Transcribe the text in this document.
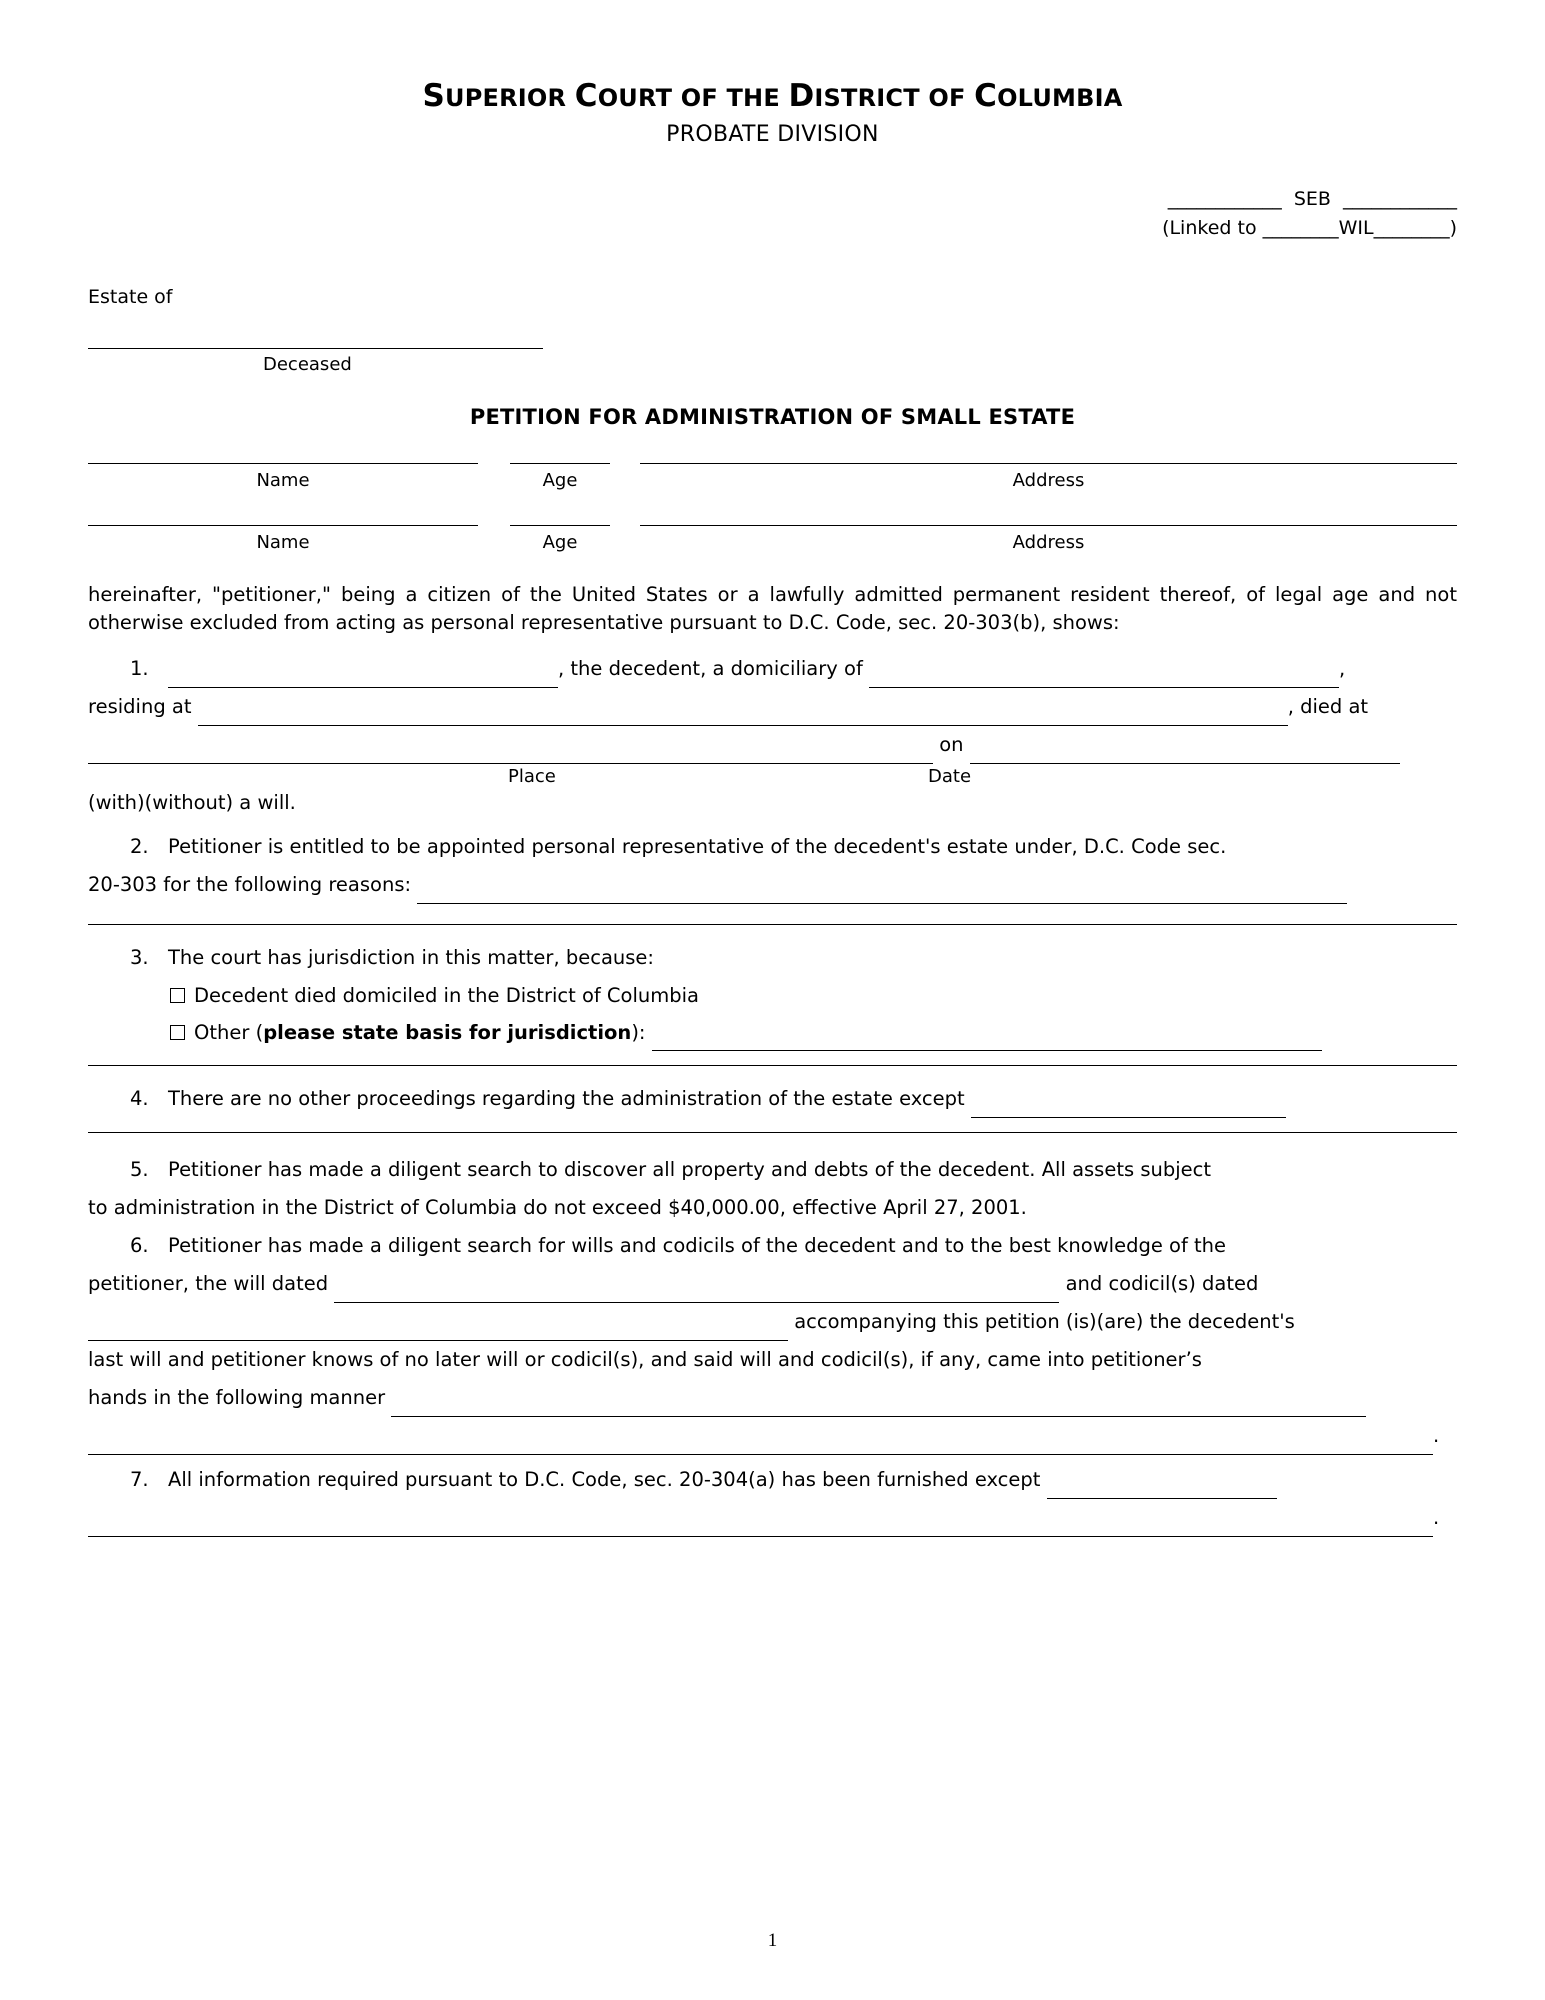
SUPERIOR COURT OF THE DISTRICT OF COLUMBIA
PROBATE DIVISION
____________  SEB  ____________
(Linked to ________WIL________)
Estate of
Deceased
PETITION FOR ADMINISTRATION OF SMALL ESTATE
Name	Age	Address
Name	Age	Address
hereinafter, "petitioner," being a citizen of the United States or a lawfully admitted permanent resident thereof, of legal age and not otherwise excluded from acting as personal representative pursuant to D.C. Code, sec. 20-303(b), shows:
1.	, the decedent, a domiciliary of	,
residing at	, died at
on
Place	Date
(with)(without) a will.
2. Petitioner is entitled to be appointed personal representative of the decedent's estate under, D.C. Code sec.
20-303 for the following reasons:
3. The court has jurisdiction in this matter, because:
Decedent died domiciled in the District of Columbia
Other (please state basis for jurisdiction):
4. There are no other proceedings regarding the administration of the estate except
5. Petitioner has made a diligent search to discover all property and debts of the decedent. All assets subject
to administration in the District of Columbia do not exceed $40,000.00, effective April 27, 2001.
6. Petitioner has made a diligent search for wills and codicils of the decedent and to the best knowledge of the
petitioner, the will dated	and codicil(s) dated
accompanying this petition (is)(are) the decedent's
last will and petitioner knows of no later will or codicil(s), and said will and codicil(s), if any, came into petitioner’s
hands in the following manner
.
7. All information required pursuant to D.C. Code, sec. 20-304(a) has been furnished except
.
1
